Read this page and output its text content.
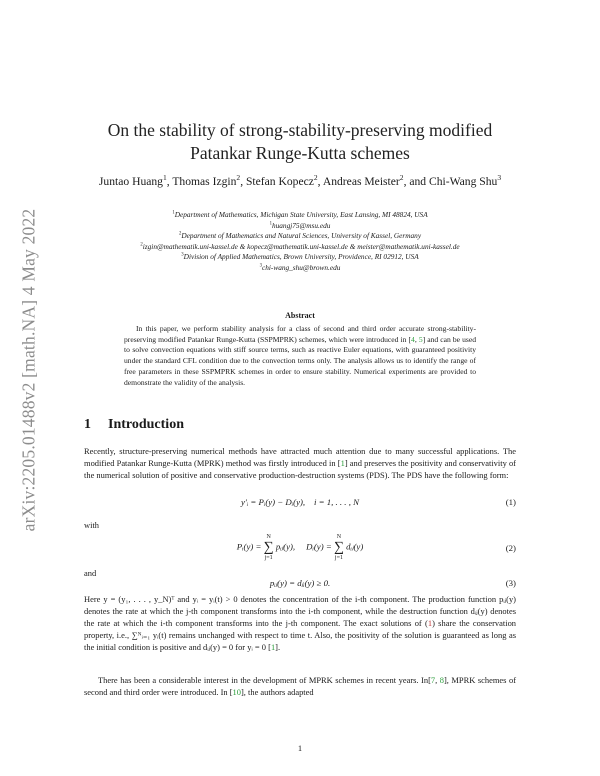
arXiv:2205.01488v2 [math.NA] 4 May 2022
On the stability of strong-stability-preserving modified
Patankar Runge-Kutta schemes
Juntao Huang$^1$, Thomas Izgin$^2$, Stefan Kopecz$^2$, Andreas Meister$^2$, and Chi-Wang Shu$^3$
$^1$Department of Mathematics, Michigan State University, East Lansing, MI 48824, USA
$^1$huangj75@msu.edu
$^2$Department of Mathematics and Natural Sciences, University of Kassel, Germany
$^2$izgin@mathematik.uni-kassel.de & kopecz@mathematik.uni-kassel.de & meister@mathematik.uni-kassel.de
$^3$Division of Applied Mathematics, Brown University, Providence, RI 02912, USA
$^3$chi-wang_shu@brown.edu
Abstract
In this paper, we perform stability analysis for a class of second and third order accurate strong-stability-preserving modified Patankar Runge-Kutta (SSPMPRK) schemes, which were introduced in [4, 5] and can be used to solve convection equations with stiff source terms, such as reactive Euler equations, with guaranteed positivity under the standard CFL condition due to the convection terms only. The analysis allows us to identify the range of free parameters in these SSPMPRK schemes in order to ensure stability. Numerical experiments are provided to demonstrate the validity of the analysis.
1 Introduction
Recently, structure-preserving numerical methods have attracted much attention due to many successful applications. The modified Patankar Runge-Kutta (MPRK) method was firstly introduced in [1] and preserves the positivity and conservativity of the numerical solution of positive and conservative production-destruction systems (PDS). The PDS have the following form:
y′ᵢ = Pᵢ(y) − Dᵢ(y), i = 1, . . . , N	(1)
with
Pᵢ(y) =
N
∑
j=1
pᵢⱼ(y), Dᵢ(y) =
N
∑
j=1
dᵢⱼ(y)	(2)
and
pᵢⱼ(y) = dⱼᵢ(y) ≥ 0.	(3)
Here y = (y₁, . . . , y_N)ᵀ and yᵢ = yᵢ(t) > 0 denotes the concentration of the i-th component. The production function pᵢⱼ(y) denotes the rate at which the j-th component transforms into the i-th component, while the destruction function dᵢⱼ(y) denotes the rate at which the i-th component transforms into the j-th component. The exact solutions of (1) share the conservation property, i.e., ∑ᴺᵢ₌₁ yᵢ(t) remains unchanged with respect to time t. Also, the positivity of the solution is guaranteed as long as the initial condition is positive and dᵢⱼ(y) = 0 for yᵢ = 0 [1].
There has been a considerable interest in the development of MPRK schemes in recent years. In[7, 8], MPRK schemes of second and third order were introduced. In [10], the authors adapted
1
